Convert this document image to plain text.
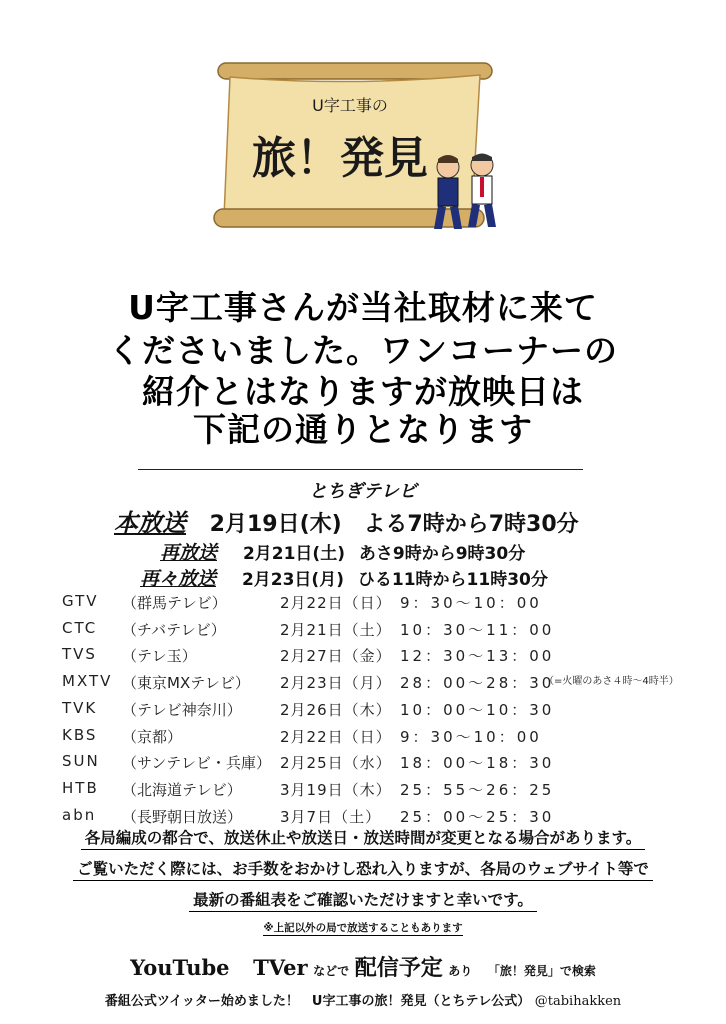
U字工事の
旅！発見
U字工事さんが当社取材に来て
くださいました。ワンコーナーの
紹介とはなりますが放映日は
下記の通りとなります
とちぎテレビ
本放送 2月19日(木) よる7時から7時30分
再放送 2月21日(土) あさ9時から9時30分
再々放送 2月23日(月) ひる11時から11時30分
GTV （群馬テレビ）	2月22日（日） 9：30〜10：00
CTC （チバテレビ）	2月21日（土） 10：30〜11：00
TVS （テレ玉）	2月27日（金） 12：30〜13：00
MXTV （東京MXテレビ） 2月23日（月） 28：00〜28：30
（=火曜のあさ４時〜4時半）
TVK （テレビ神奈川）	2月26日（木） 10：00〜10：30
KBS （京都）	2月22日（日） 9：30〜10：00
SUN （サンテレビ・兵庫） 2月25日（水） 18：00〜18：30
HTB （北海道テレビ）	3月19日（木） 25：55〜26：25
abn （長野朝日放送）	3月7日（土） 25：00〜25：30
各局編成の都合で、放送休止や放送日・放送時間が変更となる場合があります。
ご覧いただく際には、お手数をおかけし恐れ入りますが、各局のウェブサイト等で
最新の番組表をご確認いただけますと幸いです。
※上記以外の局で放送することもあります
YouTube TVer などで 配信予定 あり 「旅！発見」で検索
番組公式ツイッター始めました！　U字工事の旅！発見（とちテレ公式） @tabihakken
